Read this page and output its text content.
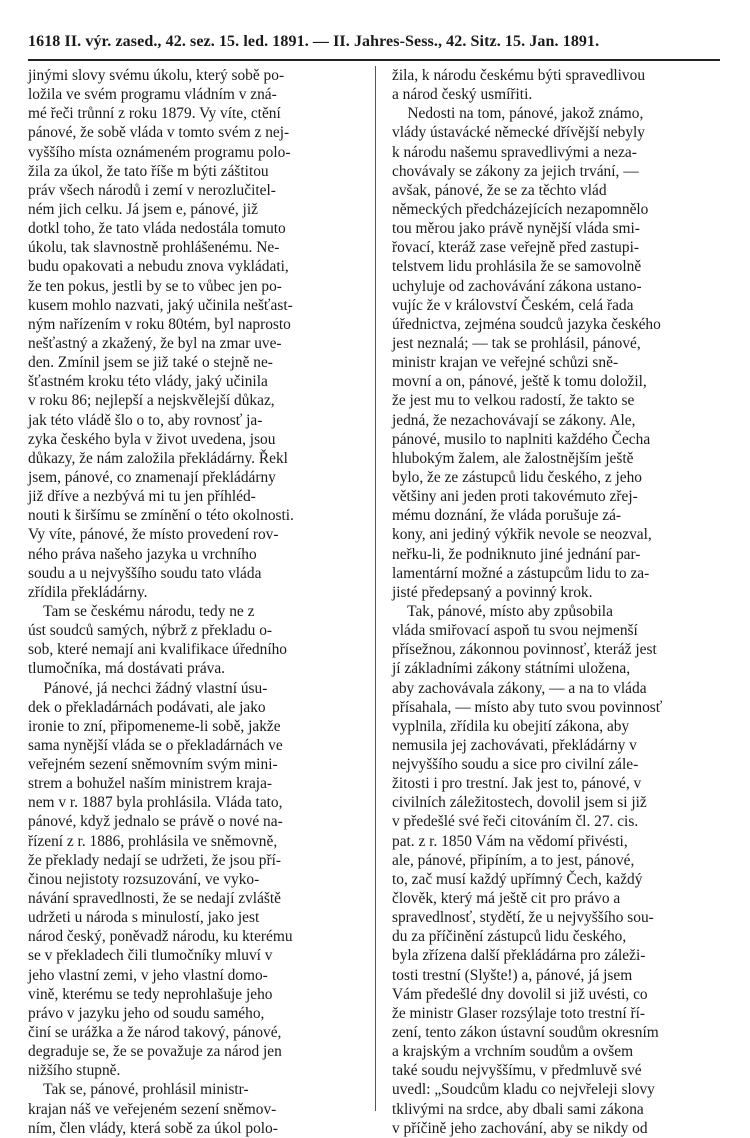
1618 II. výr. zased., 42. sez. 15. led. 1891. — II. Jahres-Sess., 42. Sitz. 15. Jan. 1891.
jinými slovy svému úkolu, který sobě po-
ložila ve svém programu vládním v zná-
mé řeči trůnní z roku 1879. Vy víte, ctění
pánové, že sobě vláda v tomto svém z nej-
vyššího místa oznámeném programu polo-
žila za úkol, že tato říše m býti záštitou
práv všech národů i zemí v nerozlučitel-
ném jich celku. Já jsem e, pánové, již
dotkl toho, že tato vláda nedostála tomuto
úkolu, tak slavnostně prohlášenému. Ne-
budu opakovati a nebudu znova vykládati,
že ten pokus, jestli by se to vůbec jen po-
kusem mohlo nazvati, jaký učinila nešťast-
ným nařízením v roku 80tém, byl naprosto
nešťastný a zkažený, že byl na zmar uve-
den. Zmínil jsem se již také o stejně ne-
šťastném kroku této vlády, jaký učinila
v roku 86; nejlepší a nejskvělejší důkaz,
jak této vládě šlo o to, aby rovnosť ja-
zyka českého byla v život uvedena, jsou
důkazy, že nám založila překládárny. Řekl
jsem, pánové, co znamenají překládárny
již dříve a nezbývá mi tu jen příhléd-
nouti k širšímu se zmínění o této okolnosti.
Vy víte, pánové, že místo provedení rov-
ného práva našeho jazyka u vrchního
soudu a u nejvyššího soudu tato vláda
zřídila překládárny.
Tam se českému národu, tedy ne z
úst soudců samých, nýbrž z překladu o-
sob, které nemají ani kvalifikace úředního
tlumočníka, má dostávati práva.
Pánové, já nechci žádný vlastní úsu-
dek o překladárnách podávati, ale jako
ironie to zní, připomeneme-li sobě, jakže
sama nynější vláda se o překladárnách ve
veřejném sezení sněmovním svým mini-
strem a bohužel naším ministrem kraja-
nem v r. 1887 byla prohlásila. Vláda tato,
pánové, když jednalo se právě o nové na-
řízení z r. 1886, prohlásila ve sněmovně,
že překlady nedají se udržeti, že jsou pří-
činou nejistoty rozsuzování, ve vyko-
návání spravedlnosti, že se nedají zvláště
udržeti u národa s minulostí, jako jest
národ český, poněvadž národu, ku kterému
se v překladech čili tlumočníky mluví v
jeho vlastní zemi, v jeho vlastní domo-
vině, kterému se tedy neprohlašuje jeho
právo v jazyku jeho od soudu samého,
činí se urážka a že národ takový, pánové,
degraduje se, že se považuje za národ jen
nižšího stupně.
Tak se, pánové, prohlásil ministr-
krajan náš ve veřejeném sezení sněmov-
ním, člen vlády, která sobě za úkol polo-
žila, k národu českému býti spravedlivou
a národ český usmířiti.
Nedosti na tom, pánové, jakož známo,
vlády ústavácké německé dřívější nebyly
k národu našemu spravedlivými a neza-
chovávaly se zákony za jejich trvání, —
avšak, pánové, že se za těchto vlád
německých předcházejících nezapomnělo
tou měrou jako právě nynější vláda smi-
řovací, kteráž zase veřejně před zastupi-
telstvem lidu prohlásila že se samovolně
uchyluje od zachovávání zákona ustano-
vujíc že v království Českém, celá řada
úřednictva, zejména soudců jazyka českého
jest neznalá; — tak se prohlásil, pánové,
ministr krajan ve veřejné schůzi sně-
movní a on, pánové, ještě k tomu doložil,
že jest mu to velkou radostí, že takto se
jedná, že nezachovávají se zákony. Ale,
pánové, musilo to naplniti každého Čecha
hlubokým žalem, ale žalostnějším ještě
bylo, že ze zástupců lidu českého, z jeho
většiny ani jeden proti takovémuto zřej-
mému doznání, že vláda porušuje zá-
kony, ani jediný výkřik nevole se neozval,
neřku-li, že podniknuto jiné jednání par-
lamentární možné a zástupcům lidu to za-
jisté předepsaný a povinný krok.
Tak, pánové, místo aby způsobila
vláda smiřovací aspoň tu svou nejmenší
přísežnou, zákonnou povinnosť, kteráž jest
jí základními zákony státními uložena,
aby zachovávala zákony, — a na to vláda
přísahala, — místo aby tuto svou povinnosť
vyplnila, zřídila ku obejití zákona, aby
nemusila jej zachovávati, překládárny v
nejvyššího soudu a sice pro civilní zále-
žitosti i pro trestní. Jak jest to, pánové, v
civilních záležitostech, dovolil jsem si již
v předešlé své řeči citováním čl. 27. cis.
pat. z r. 1850 Vám na vědomí přivésti,
ale, pánové, připíním, a to jest, pánové,
to, zač musí každý upřímný Čech, každý
člověk, který má ještě cit pro právo a
spravedlnosť, stydětí, že u nejvyššího sou-
du za příčinění zástupců lidu českého,
byla zřízena další překládárna pro záleži-
tosti trestní (Slyšte!) a, pánové, já jsem
Vám předešlé dny dovolil si již uvésti, co
že ministr Glaser rozsýlaje toto trestní ří-
zení, tento zákon ústavní soudům okresním
a krajským a vrchním soudům a ovšem
také soudu nejvyššímu, v předmluvě své
uvedl: „Soudcům kladu co nejvřeleji slovy
tklivými na srdce, aby dbali sami zákona
v příčině jeho zachování, aby se nikdy od
